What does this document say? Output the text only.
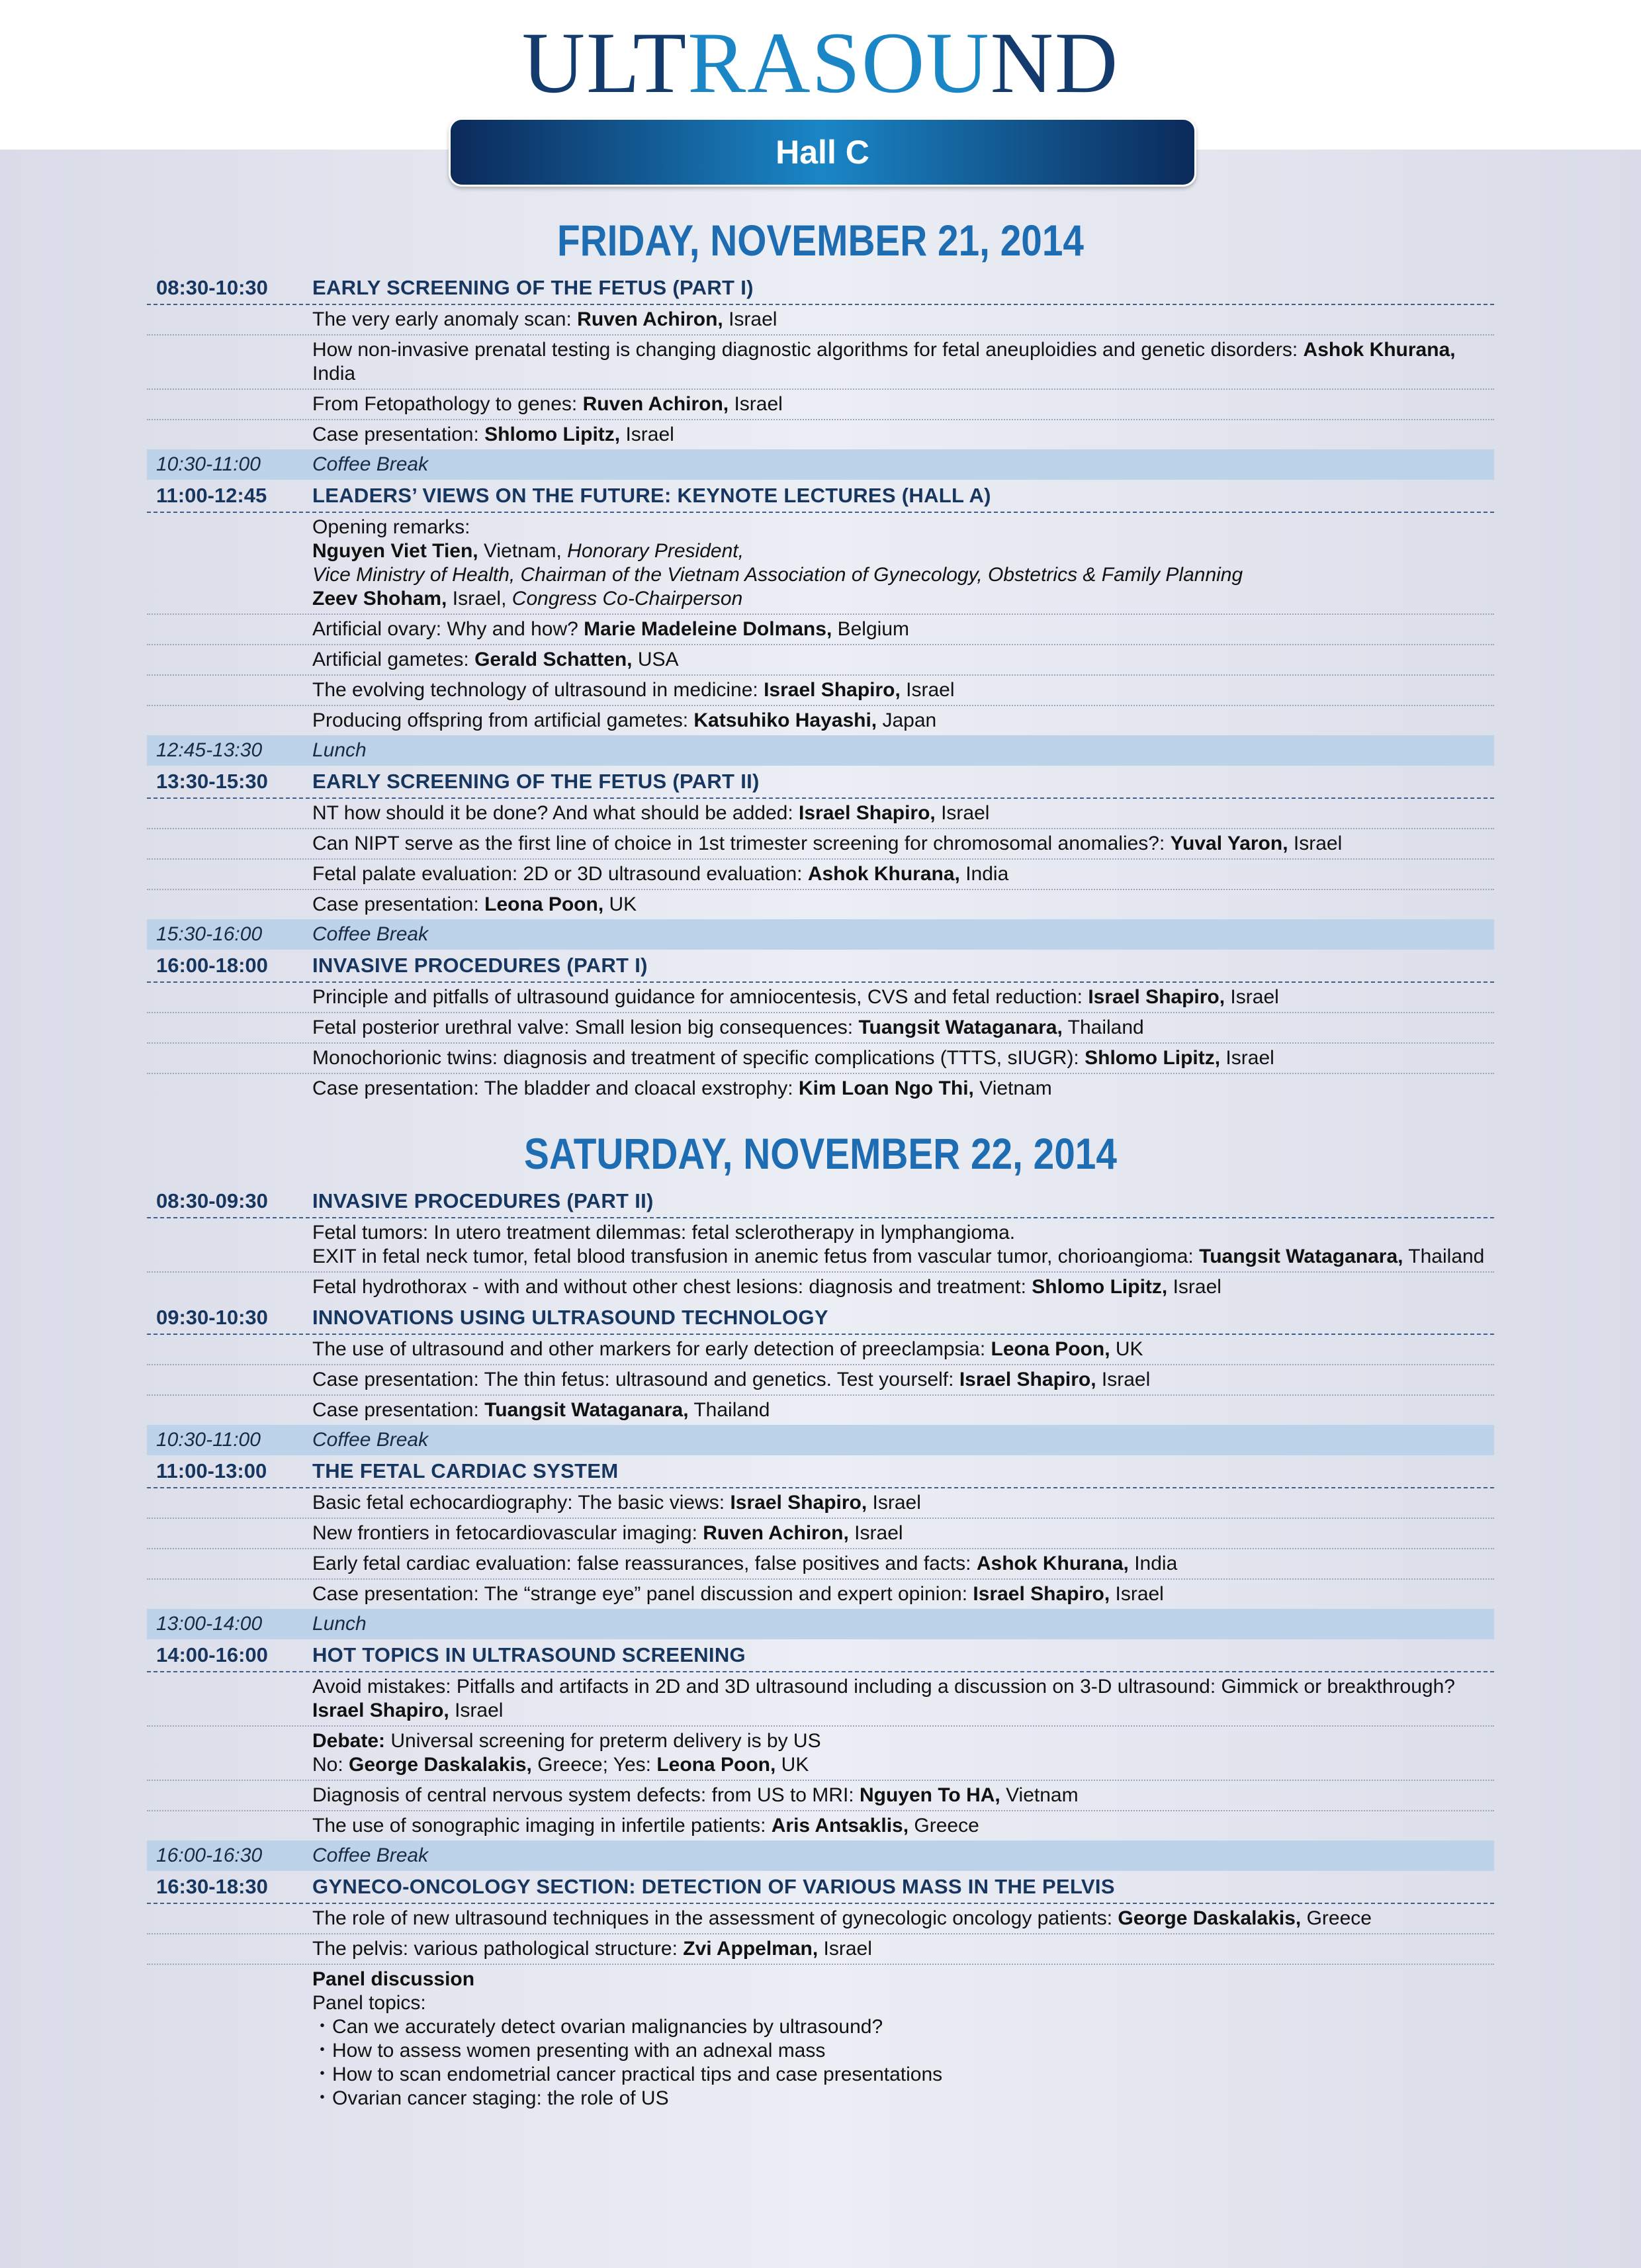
ULTRASOUND
Hall C
FRIDAY, NOVEMBER 21, 2014
08:30-10:30	EARLY SCREENING OF THE FETUS (PART I)
The very early anomaly scan: Ruven Achiron, Israel
How non-invasive prenatal testing is changing diagnostic algorithms for fetal aneuploidies and genetic disorders: Ashok Khurana, India
From Fetopathology to genes: Ruven Achiron, Israel
Case presentation: Shlomo Lipitz, Israel
10:30-11:00	Coffee Break
11:00-12:45	LEADERS’ VIEWS ON THE FUTURE: KEYNOTE LECTURES (HALL A)
Opening remarks:
Nguyen Viet Tien, Vietnam, Honorary President,
Vice Ministry of Health, Chairman of the Vietnam Association of Gynecology, Obstetrics & Family Planning
Zeev Shoham, Israel, Congress Co-Chairperson
Artificial ovary: Why and how? Marie Madeleine Dolmans, Belgium
Artificial gametes: Gerald Schatten, USA
The evolving technology of ultrasound in medicine: Israel Shapiro, Israel
Producing offspring from artificial gametes: Katsuhiko Hayashi, Japan
12:45-13:30	Lunch
13:30-15:30	EARLY SCREENING OF THE FETUS (PART II)
NT how should it be done? And what should be added: Israel Shapiro, Israel
Can NIPT serve as the first line of choice in 1st trimester screening for chromosomal anomalies?: Yuval Yaron, Israel
Fetal palate evaluation: 2D or 3D ultrasound evaluation: Ashok Khurana, India
Case presentation: Leona Poon, UK
15:30-16:00	Coffee Break
16:00-18:00	INVASIVE PROCEDURES (PART I)
Principle and pitfalls of ultrasound guidance for amniocentesis, CVS and fetal reduction: Israel Shapiro, Israel
Fetal posterior urethral valve: Small lesion big consequences: Tuangsit Wataganara, Thailand
Monochorionic twins: diagnosis and treatment of specific complications (TTTS, sIUGR): Shlomo Lipitz, Israel
Case presentation: The bladder and cloacal exstrophy: Kim Loan Ngo Thi, Vietnam
SATURDAY, NOVEMBER 22, 2014
08:30-09:30	INVASIVE PROCEDURES (PART II)
Fetal tumors: In utero treatment dilemmas: fetal sclerotherapy in lymphangioma.
EXIT in fetal neck tumor, fetal blood transfusion in anemic fetus from vascular tumor, chorioangioma: Tuangsit Wataganara, Thailand
Fetal hydrothorax - with and without other chest lesions: diagnosis and treatment: Shlomo Lipitz, Israel
09:30-10:30	INNOVATIONS USING ULTRASOUND TECHNOLOGY
The use of ultrasound and other markers for early detection of preeclampsia: Leona Poon, UK
Case presentation: The thin fetus: ultrasound and genetics. Test yourself: Israel Shapiro, Israel
Case presentation: Tuangsit Wataganara, Thailand
10:30-11:00	Coffee Break
11:00-13:00	THE FETAL CARDIAC SYSTEM
Basic fetal echocardiography: The basic views: Israel Shapiro, Israel
New frontiers in fetocardiovascular imaging: Ruven Achiron, Israel
Early fetal cardiac evaluation: false reassurances, false positives and facts: Ashok Khurana, India
Case presentation: The “strange eye” panel discussion and expert opinion: Israel Shapiro, Israel
13:00-14:00	Lunch
14:00-16:00	HOT TOPICS IN ULTRASOUND SCREENING
Avoid mistakes: Pitfalls and artifacts in 2D and 3D ultrasound including a discussion on 3-D ultrasound: Gimmick or breakthrough?
Israel Shapiro, Israel
Debate: Universal screening for preterm delivery is by US
No: George Daskalakis, Greece; Yes: Leona Poon, UK
Diagnosis of central nervous system defects: from US to MRI: Nguyen To HA, Vietnam
The use of sonographic imaging in infertile patients: Aris Antsaklis, Greece
16:00-16:30	Coffee Break
16:30-18:30	GYNECO-ONCOLOGY SECTION: DETECTION OF VARIOUS MASS IN THE PELVIS
The role of new ultrasound techniques in the assessment of gynecologic oncology patients: George Daskalakis, Greece
The pelvis: various pathological structure: Zvi Appelman, Israel
Panel discussion
Panel topics:
・Can we accurately detect ovarian malignancies by ultrasound?
・How to assess women presenting with an adnexal mass
・How to scan endometrial cancer practical tips and case presentations
・Ovarian cancer staging: the role of US
